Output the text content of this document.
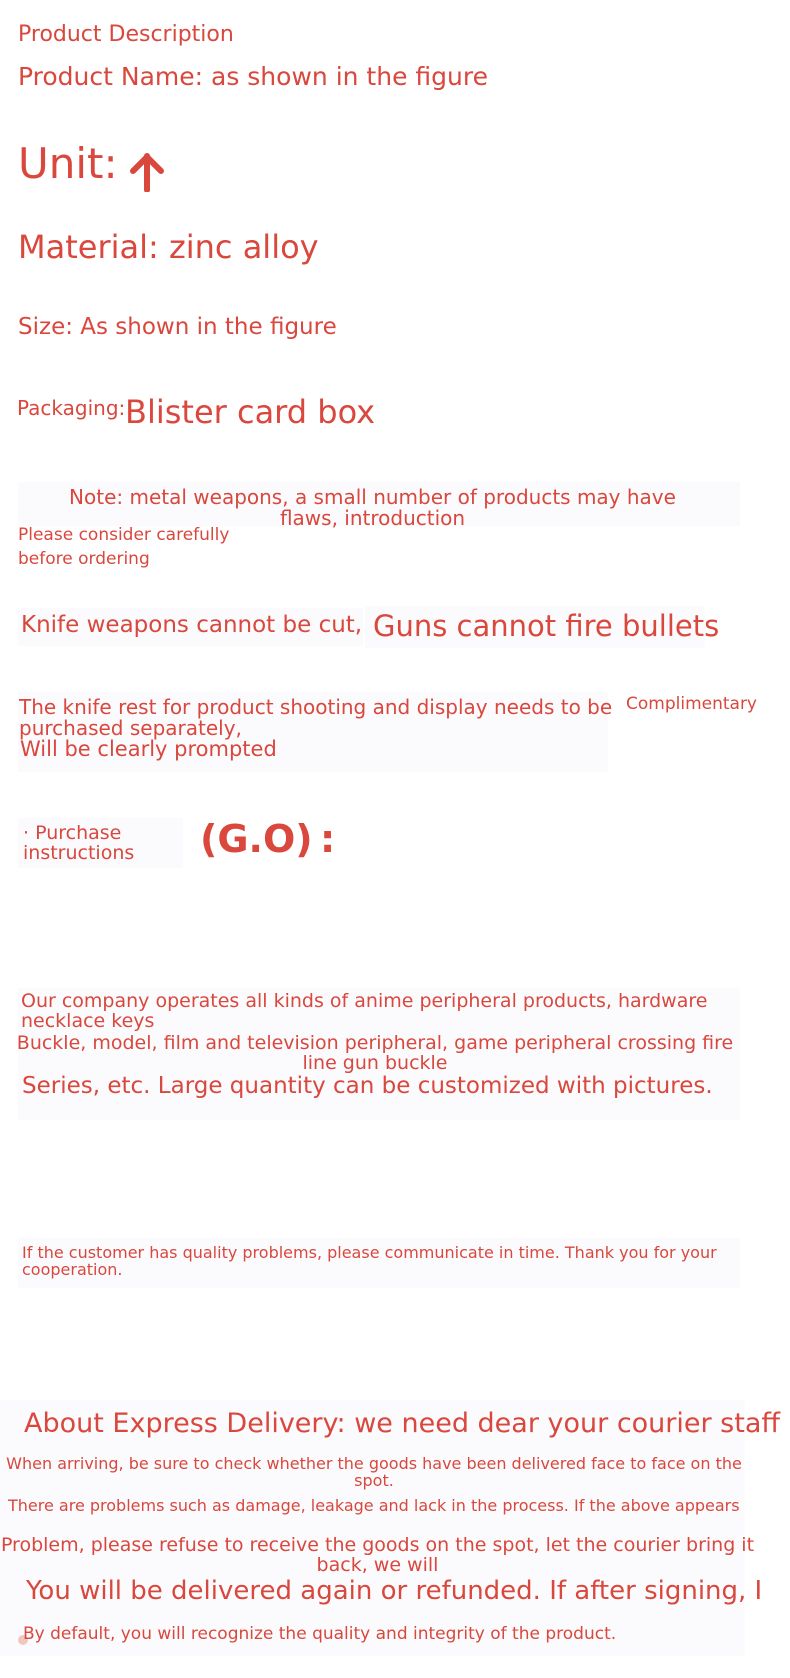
Product Description
Product Name: as shown in the figure
Unit:
Material: zinc alloy
Size: As shown in the figure
Packaging: Blister card box
Note: metal weapons, a small number of products may have flaws, introduction
Please consider carefully
before ordering
Knife weapons cannot be cut, Guns cannot fire bullets
The knife rest for product shooting and display needs to be purchased separately,
Complimentary
Will be clearly prompted
· Purchase instructions	(G.O) :
Our company operates all kinds of anime peripheral products, hardware necklace keys
Buckle, model, film and television peripheral, game peripheral crossing fire line gun buckle
Series, etc. Large quantity can be customized with pictures.
If the customer has quality problems, please communicate in time. Thank you for your cooperation.
About Express Delivery: we need dear your courier staff
When arriving, be sure to check whether the goods have been delivered face to face on the spot.
There are problems such as damage, leakage and lack in the process. If the above appears
Problem, please refuse to receive the goods on the spot, let the courier bring it back, we will
You will be delivered again or refunded. If after signing, I
By default, you will recognize the quality and integrity of the product.
